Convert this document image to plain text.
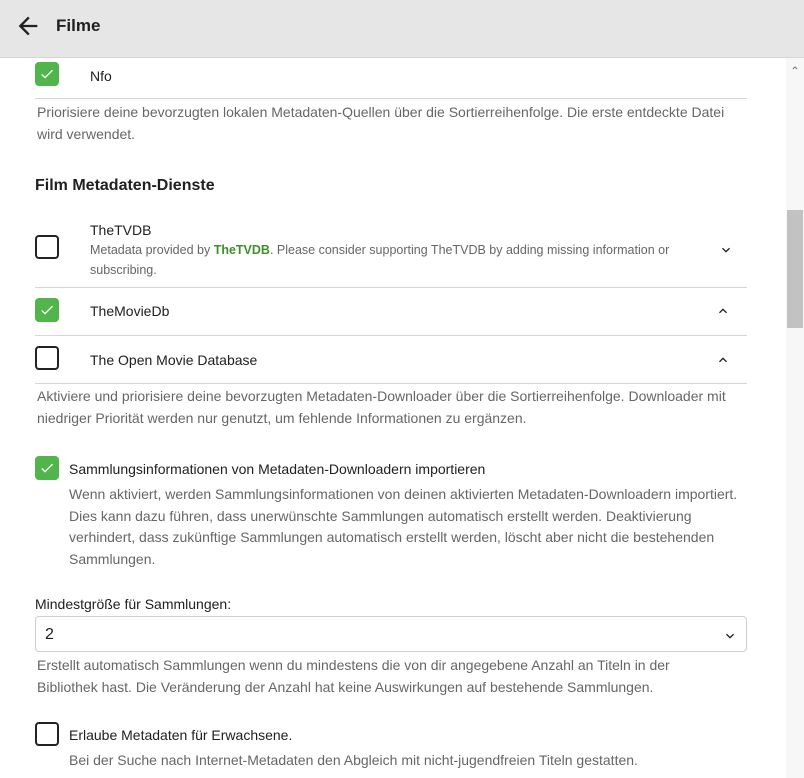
Filme
Nfo
Priorisiere deine bevorzugten lokalen Metadaten-Quellen über die Sortierreihenfolge. Die erste entdeckte Datei wird verwendet.
Film Metadaten-Dienste
TheTVDB
Metadata provided by TheTVDB. Please consider supporting TheTVDB by adding missing information or subscribing.
TheMovieDb
The Open Movie Database
Aktiviere und priorisiere deine bevorzugten Metadaten-Downloader über die Sortierreihenfolge. Downloader mit niedriger Priorität werden nur genutzt, um fehlende Informationen zu ergänzen.
Sammlungsinformationen von Metadaten-Downloadern importieren
Wenn aktiviert, werden Sammlungsinformationen von deinen aktivierten Metadaten-Downloadern importiert. Dies kann dazu führen, dass unerwünschte Sammlungen automatisch erstellt werden. Deaktivierung verhindert, dass zukünftige Sammlungen automatisch erstellt werden, löscht aber nicht die bestehenden Sammlungen.
Mindestgröße für Sammlungen:
2
Erstellt automatisch Sammlungen wenn du mindestens die von dir angegebene Anzahl an Titeln in der Bibliothek hast. Die Veränderung der Anzahl hat keine Auswirkungen auf bestehende Sammlungen.
Erlaube Metadaten für Erwachsene.
Bei der Suche nach Internet-Metadaten den Abgleich mit nicht-jugendfreien Titeln gestatten.
